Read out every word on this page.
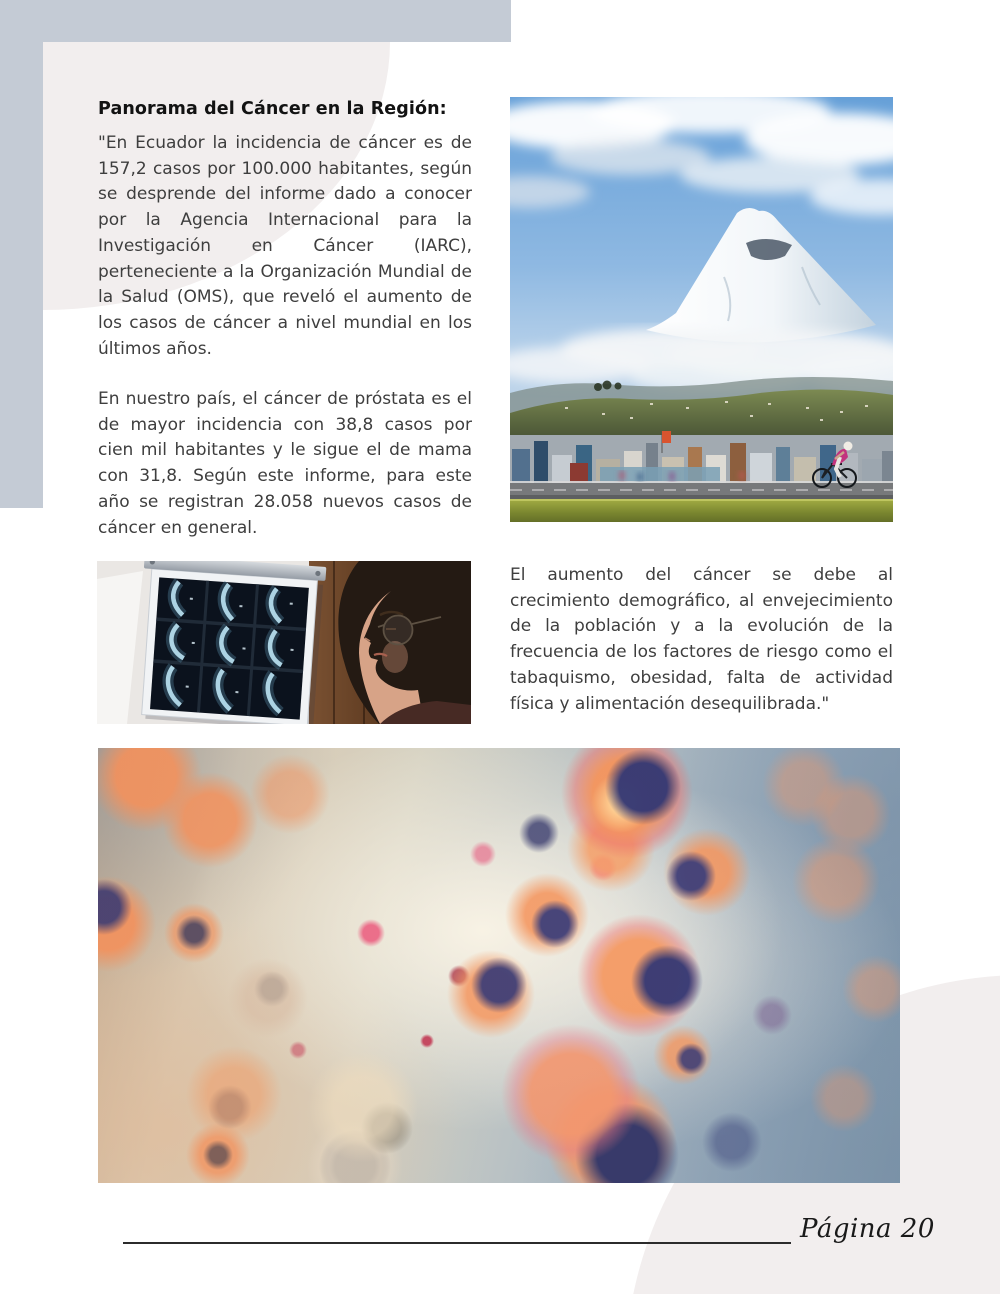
Panorama del Cáncer en la Región:

"En Ecuador la incidencia de cáncer es de 157,2 casos por 100.000 habitantes, según se desprende del informe dado a conocer por la Agencia Internacional para la Investigación en Cáncer (IARC), perteneciente a la Organización Mundial de la Salud (OMS), que reveló el aumento de los casos de cáncer a nivel mundial en los últimos años.

En nuestro país, el cáncer de próstata es el de mayor incidencia con 38,8 casos por cien mil habitantes y le sigue el de mama con 31,8. Según este informe, para este año se registran 28.058 nuevos casos de cáncer en general.

El aumento del cáncer se debe al crecimiento demográfico, al envejecimiento de la población y a la evolución de la frecuencia de los factores de riesgo como el tabaquismo, obesidad, falta de actividad física y alimentación desequilibrada."

Página 20
